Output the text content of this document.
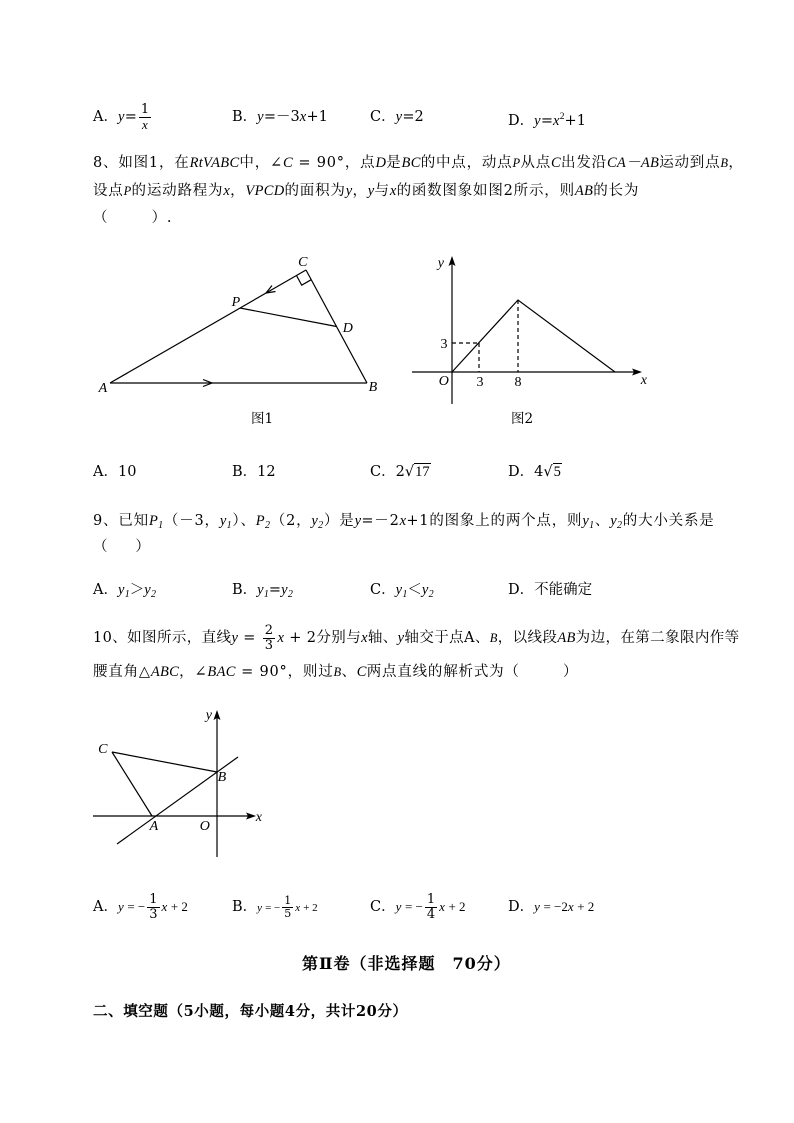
A．$y= \frac{1}{x}$	B．y=－3x+1	C．y=2	D．$y=x^2+1$
8、如图1，在RtVABC中，∠C = 90°，点D是BC的中点，动点P从点C出发沿CA－AB运动到点B，
设点P的运动路程为x，VPCD的面积为y，y与x的函数图象如图2所示，则AB的长为
（        ）.
C
P
D
A	B
图1
y
x
3
O 3 8
图2
y
x
C
B
A	O
A．10	B．12	C．2√17	D．4√5
9、已知$P_1(-3$，$y_1$）、$P_2(2$，$y_2$）是y=－2x+1的图象上的两个点，则$y_1$、$y_2$的大小关系是
（     ）
A．$y_1>y_2$	B．$y_1=y_2$	C．$y_1<y_2$	D．不能确定
10、如图所示，直线$y = \frac{2}{3}$ x + 2分别与x轴、y轴交于点A、B，以线段AB为边，在第二象限内作等
腰直角△ABC，∠BAC = 90°，则过B、C两点直线的解析式为（        ）
A．y = − $\frac{1}{3}$ x + 2	B．y = − $\frac{1}{5}$ x + 2	C．y = − $\frac{1}{4}$ x + 2	D．y = −2x + 2
第Ⅱ卷（非选择题　70分）
二、填空题（5小题，每小题4分，共计20分）
